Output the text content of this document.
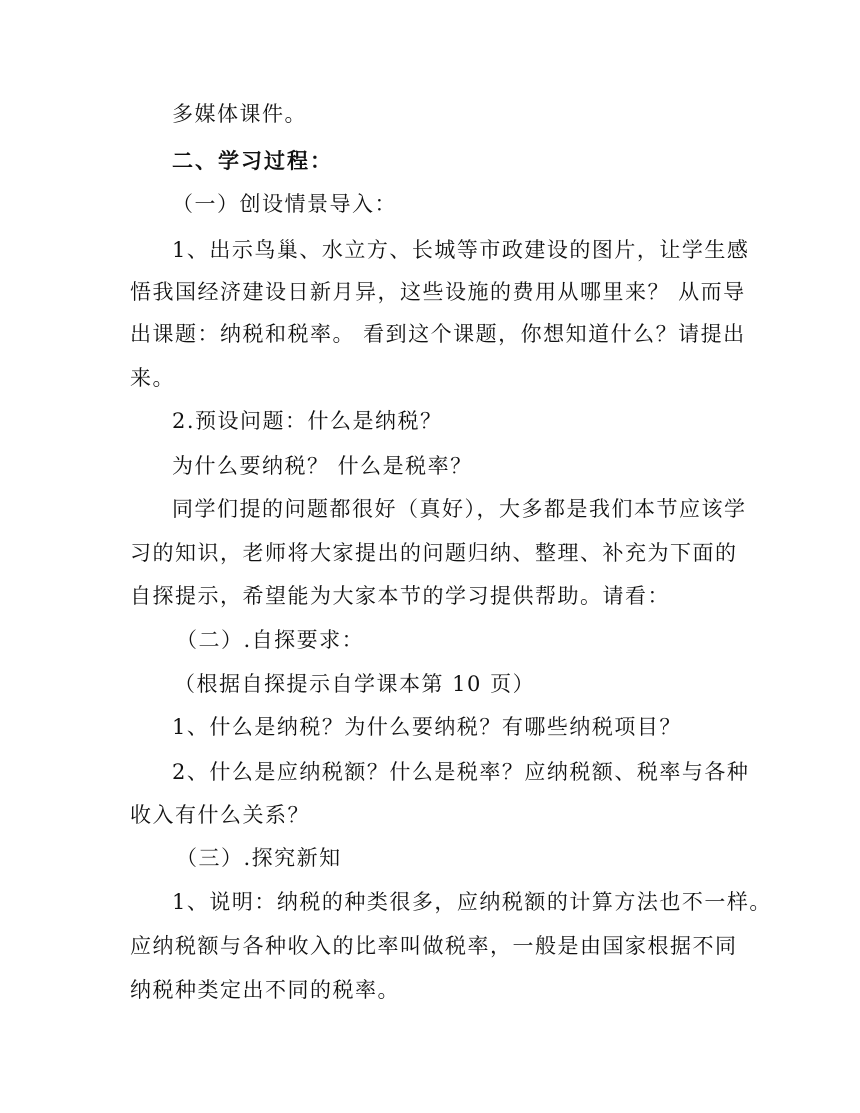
多媒体课件。
二、学习过程：
（一）创设情景导入：
1、出示鸟巢、水立方、长城等市政建设的图片，让学生感
悟我国经济建设日新月异，这些设施的费用从哪里来？ 从而导
出课题：纳税和税率。 看到这个课题，你想知道什么？请提出
来。
2.预设问题：什么是纳税？
为什么要纳税？ 什么是税率？
同学们提的问题都很好（真好），大多都是我们本节应该学
习的知识，老师将大家提出的问题归纳、整理、补充为下面的
自探提示，希望能为大家本节的学习提供帮助。请看：
（二）.自探要求：
（根据自探提示自学课本第 10 页）
1、什么是纳税？为什么要纳税？有哪些纳税项目？
2、什么是应纳税额？什么是税率？应纳税额、税率与各种
收入有什么关系？
（三）.探究新知
1、说明：纳税的种类很多，应纳税额的计算方法也不一样。
应纳税额与各种收入的比率叫做税率，一般是由国家根据不同
纳税种类定出不同的税率。
